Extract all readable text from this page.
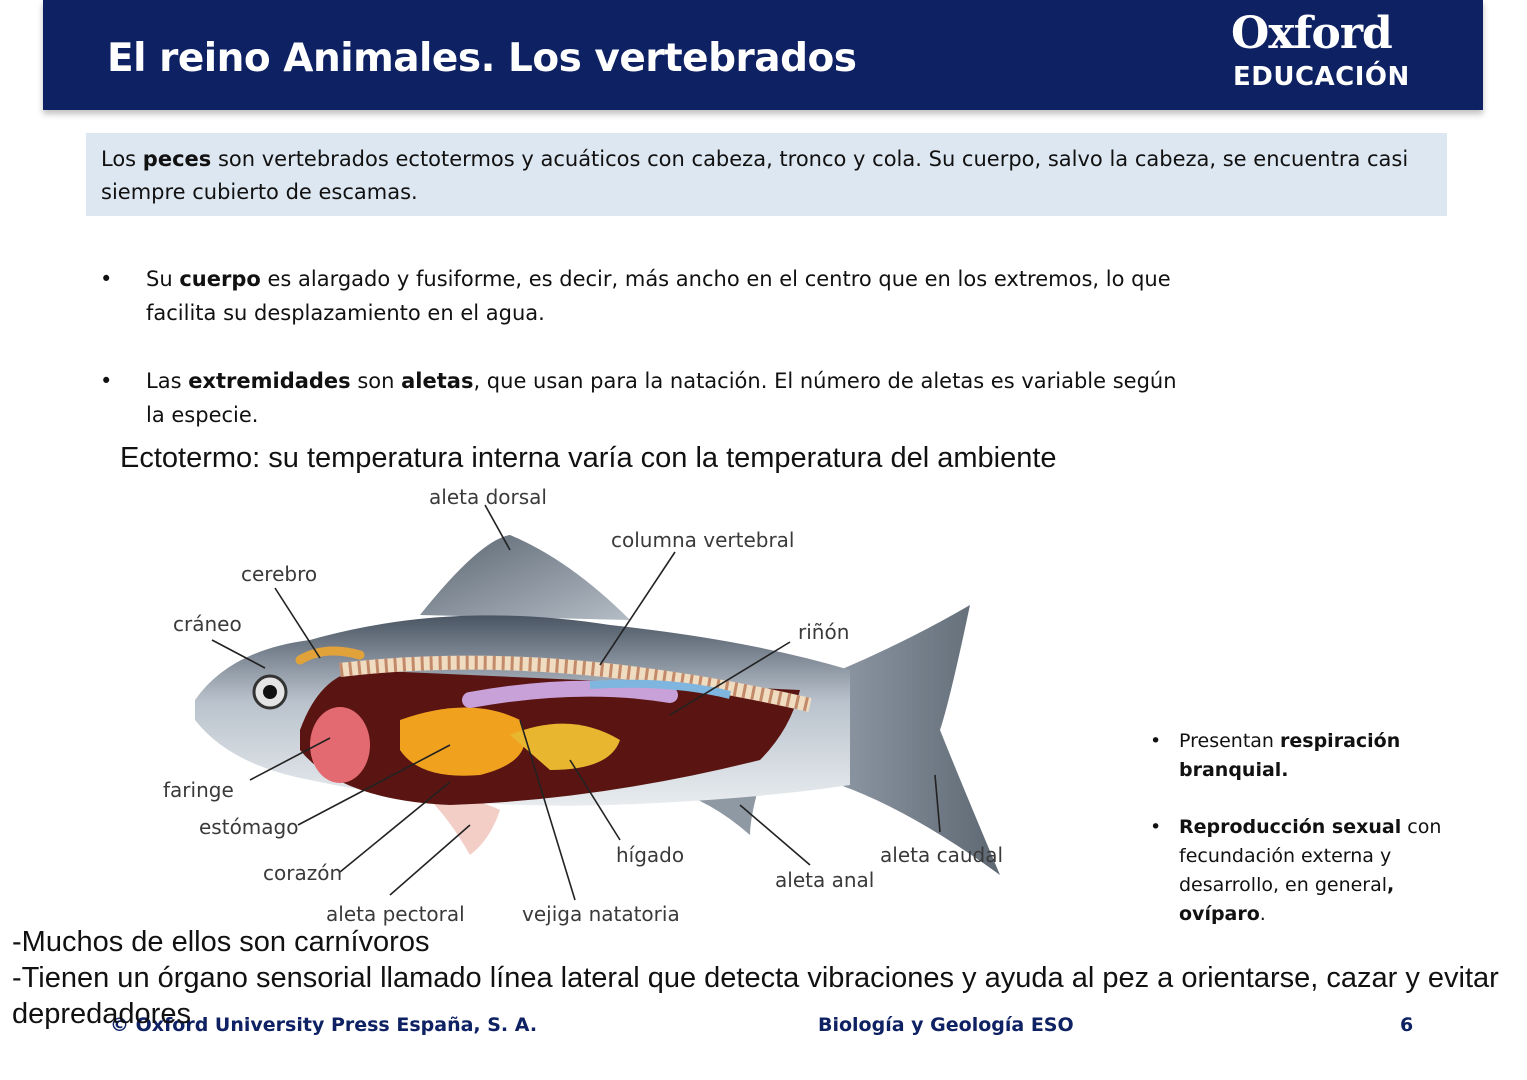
El reino Animales. Los vertebrados	Oxford
EDUCACIÓN
Los peces son vertebrados ectotermos y acuáticos con cabeza, tronco y cola. Su cuerpo, salvo la cabeza, se encuentra casi siempre cubierto de escamas.
• Su cuerpo es alargado y fusiforme, es decir, más ancho en el centro que en los extremos, lo que facilita su desplazamiento en el agua.
• Las extremidades son aletas, que usan para la natación. El número de aletas es variable según la especie.
Ectotermo: su temperatura interna varía con la temperatura del ambiente
aleta dorsal
columna vertebral
cerebro
cráneo	riñón
faringe
estómago
corazón
aleta pectoral	vejiga natatoria
hígado
aleta anal
aleta caudal
• Presentan respiración branquial.
• Reproducción sexual con fecundación externa y desarrollo, en general, ovíparo.
© Oxford University Press España, S. A.	Biología y Geología ESO	6
-Muchos de ellos son carnívoros
-Tienen un órgano sensorial llamado línea lateral que detecta vibraciones y ayuda al pez a orientarse, cazar y evitar depredadores
